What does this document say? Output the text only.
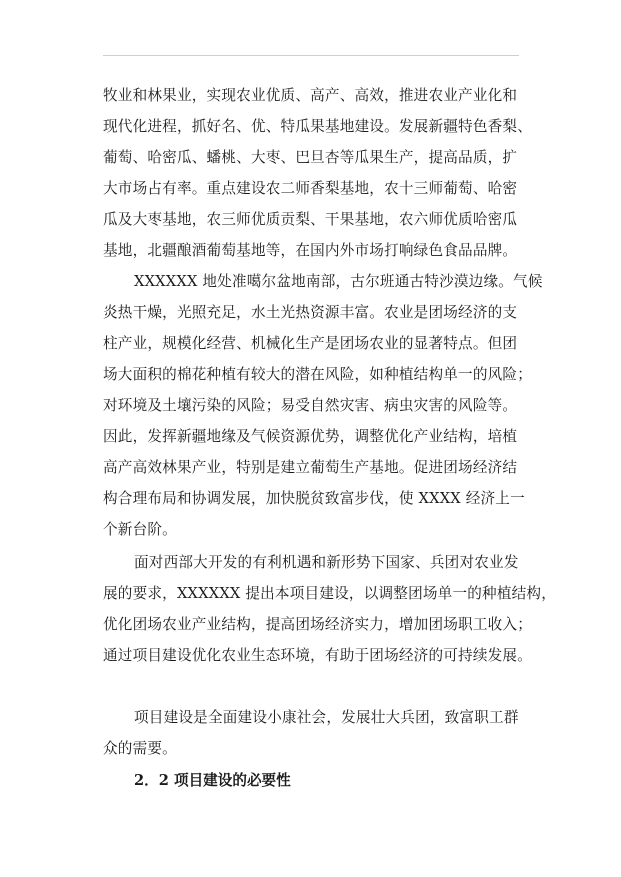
牧业和林果业，实现农业优质、高产、高效，推进农业产业化和
现代化进程，抓好名、优、特瓜果基地建设。发展新疆特色香梨、
葡萄、哈密瓜、蟠桃、大枣、巴旦杏等瓜果生产，提高品质，扩
大市场占有率。重点建设农二师香梨基地，农十三师葡萄、哈密
瓜及大枣基地，农三师优质贡梨、干果基地，农六师优质哈密瓜
基地，北疆酿酒葡萄基地等，在国内外市场打响绿色食品品牌。
XXXXXX 地处准噶尔盆地南部，古尔班通古特沙漠边缘。气候
炎热干燥，光照充足，水土光热资源丰富。农业是团场经济的支
柱产业，规模化经营、机械化生产是团场农业的显著特点。但团
场大面积的棉花种植有较大的潜在风险，如种植结构单一的风险；
对环境及土壤污染的风险；易受自然灾害、病虫灾害的风险等。
因此，发挥新疆地缘及气候资源优势，调整优化产业结构，培植
高产高效林果产业，特别是建立葡萄生产基地。促进团场经济结
构合理布局和协调发展，加快脱贫致富步伐，使 XXXX 经济上一
个新台阶。
面对西部大开发的有利机遇和新形势下国家、兵团对农业发
展的要求，XXXXXX 提出本项目建设，以调整团场单一的种植结构，
优化团场农业产业结构，提高团场经济实力，增加团场职工收入；
通过项目建设优化农业生态环境，有助于团场经济的可持续发展。
项目建设是全面建设小康社会，发展壮大兵团，致富职工群
众的需要。
2．2 项目建设的必要性
